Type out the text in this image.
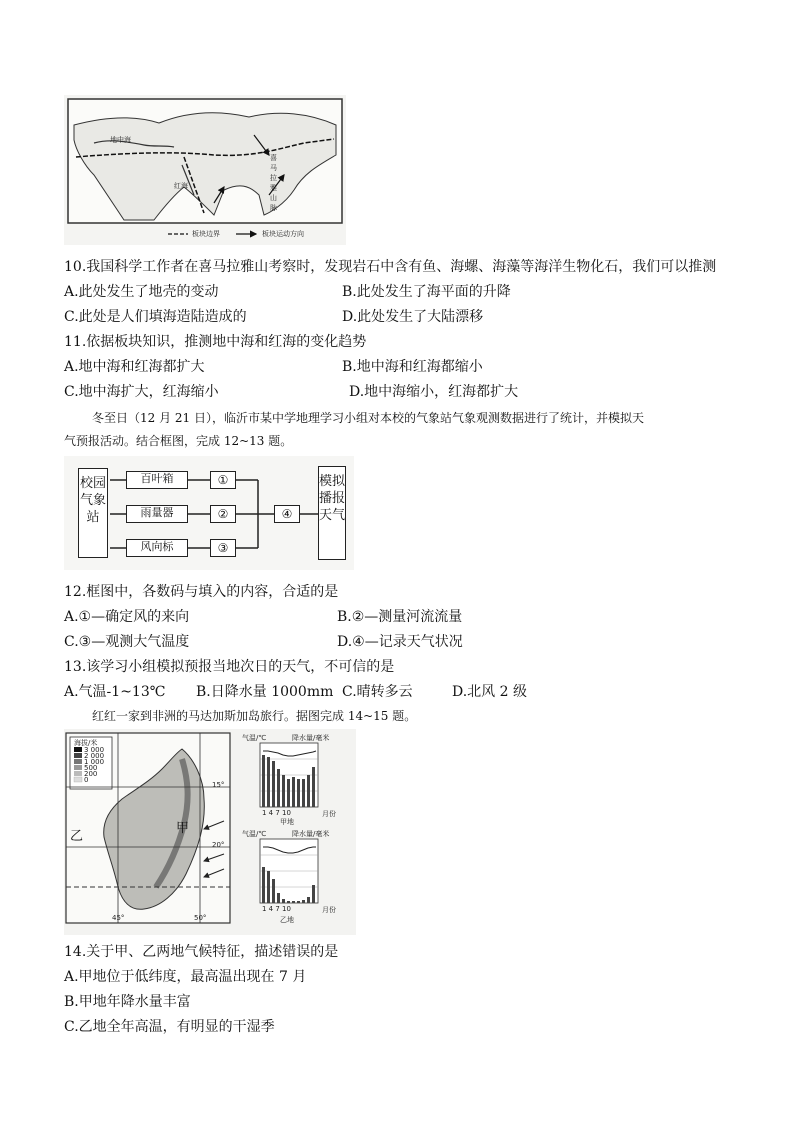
喜马拉雅山脉
红海
地中海
板块边界	板块运动方向
10.我国科学工作者在喜马拉雅山考察时，发现岩石中含有鱼、海螺、海藻等海洋生物化石，我们可以推测
A.此处发生了地壳的变动	B.此处发生了海平面的升降
C.此处是人们填海造陆造成的	D.此处发生了大陆漂移
11.依据板块知识，推测地中海和红海的变化趋势
A.地中海和红海都扩大	B.地中海和红海都缩小
C.地中海扩大，红海缩小	D.地中海缩小，红海都扩大
冬至日（12 月 21 日），临沂市某中学地理学习小组对本校的气象站气象观测数据进行了统计，并模拟天
气预报活动。结合框图，完成 12~13 题。
校园气象站
百叶箱
雨量器
风向标
①
②
③
④
模拟播报天气
12.框图中，各数码与填入的内容，合适的是
A.①—确定风的来向	B.②—测量河流流量
C.③—观测大气温度	D.④—记录天气状况
13.该学习小组模拟预报当地次日的天气，不可信的是
A.气温-1~13℃ B.日降水量 1000mm C.晴转多云	D.北风 2 级
红红一家到非洲的马达加斯加岛旅行。据图完成 14~15 题。
海拔/米
3 000
2 000
1 000
500
200
0
甲
乙
15°
20°
45°	50°
气温/℃	降水量/毫米
甲地
1 4 7 10	月份
气温/℃	降水量/毫米
乙地
1 4 7 10	月份
14.关于甲、乙两地气候特征，描述错误的是
A.甲地位于低纬度，最高温出现在 7 月
B.甲地年降水量丰富
C.乙地全年高温，有明显的干湿季
